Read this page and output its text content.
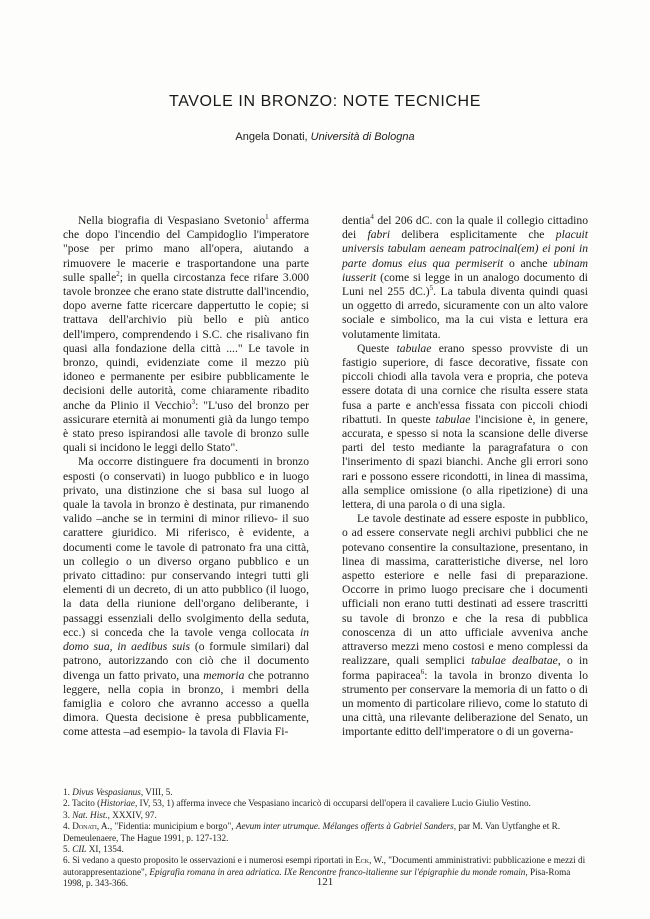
TAVOLE IN BRONZO: NOTE TECNICHE
Angela Donati, Università di Bologna

Nella biografia di Vespasiano Svetonio$^1$ afferma che dopo l'incendio del Campidoglio l'imperatore "pose per primo mano all'opera, aiutando a rimuovere le macerie e trasportandone una parte sulle spalle$^2$; in quella circostanza fece rifare 3.000 tavole bronzee che erano state distrutte dall'incendio, dopo averne fatte ricercare dappertutto le copie; si trattava dell'archivio più bello e più antico dell'impero, comprendendo i S.C. che risalivano fin quasi alla fondazione della città ...." Le tavole in bronzo, quindi, evidenziate come il mezzo più idoneo e permanente per esibire pubblicamente le decisioni delle autorità, come chiaramente ribadito anche da Plinio il Vecchio$^3$: "L'uso del bronzo per assicurare eternità ai monumenti già da lungo tempo è stato preso ispirandosi alle tavole di bronzo sulle quali si incidono le leggi dello Stato".

Ma occorre distinguere fra documenti in bronzo esposti (o conservati) in luogo pubblico e in luogo privato, una distinzione che si basa sul luogo al quale la tavola in bronzo è destinata, pur rimanendo valido –anche se in termini di minor rilievo- il suo carattere giuridico. Mi riferisco, è evidente, a documenti come le tavole di patronato fra una città, un collegio o un diverso organo pubblico e un privato cittadino: pur conservando integri tutti gli elementi di un decreto, di un atto pubblico (il luogo, la data della riunione dell'organo deliberante, i passaggi essenziali dello svolgimento della seduta, ecc.) si conceda che la tavole venga collocata in domo sua, in aedibus suis (o formule similari) dal patrono, autorizzando con ciò che il documento divenga un fatto privato, una memoria che potranno leggere, nella copia in bronzo, i membri della famiglia e coloro che avranno accesso a quella dimora. Questa decisione è presa pubblicamente, come attesta –ad esempio- la tavola di Flavia Fi-

dentia$^4$ del 206 dC. con la quale il collegio cittadino dei fabri delibera esplicitamente che placuit universis tabulam aeneam patrocinal(em) ei poni in parte domus eius qua permiserit o anche ubinam iusserit (come si legge in un analogo documento di Luni nel 255 dC.)$^5$. La tabula diventa quindi quasi un oggetto di arredo, sicuramente con un alto valore sociale e simbolico, ma la cui vista e lettura era volutamente limitata.

Queste tabulae erano spesso provviste di un fastigio superiore, di fasce decorative, fissate con piccoli chiodi alla tavola vera e propria, che poteva essere dotata di una cornice che risulta essere stata fusa a parte e anch'essa fissata con piccoli chiodi ribattuti. In queste tabulae l'incisione è, in genere, accurata, e spesso si nota la scansione delle diverse parti del testo mediante la paragrafatura o con l'inserimento di spazi bianchi. Anche gli errori sono rari e possono essere ricondotti, in linea di massima, alla semplice omissione (o alla ripetizione) di una lettera, di una parola o di una sigla.

Le tavole destinate ad essere esposte in pubblico, o ad essere conservate negli archivi pubblici che ne potevano consentire la consultazione, presentano, in linea di massima, caratteristiche diverse, nel loro aspetto esteriore e nelle fasi di preparazione. Occorre in primo luogo precisare che i documenti ufficiali non erano tutti destinati ad essere trascritti su tavole di bronzo e che la resa di pubblica conoscenza di un atto ufficiale avveniva anche attraverso mezzi meno costosi e meno complessi da realizzare, quali semplici tabulae dealbatae, o in forma papiracea$^6$: la tavola in bronzo diventa lo strumento per conservare la memoria di un fatto o di un momento di particolare rilievo, come lo statuto di una città, una rilevante deliberazione del Senato, un importante editto dell'imperatore o di un governa-

1. Divus Vespasianus, VIII, 5.
2. Tacito (Historiae, IV, 53, 1) afferma invece che Vespasiano incaricò di occuparsi dell'opera il cavaliere Lucio Giulio Vestino.
3. Nat. Hist., XXXIV, 97.
4. Donati, A., "Fidentia: municipium e borgo", Aevum inter utrumque. Mélanges offerts à Gabriel Sanders, par M. Van Uytfanghe et R. Demeulenaere, The Hague 1991, p. 127-132.
5. CIL XI, 1354.
6. Si vedano a questo proposito le osservazioni e i numerosi esempi riportati in Eck, W., "Documenti amministrativi: pubblicazione e mezzi di autorappresentazione", Epigrafia romana in area adriatica. IXe Rencontre franco-italienne sur l'épigraphie du monde romain, Pisa-Roma 1998, p. 343-366.	121
